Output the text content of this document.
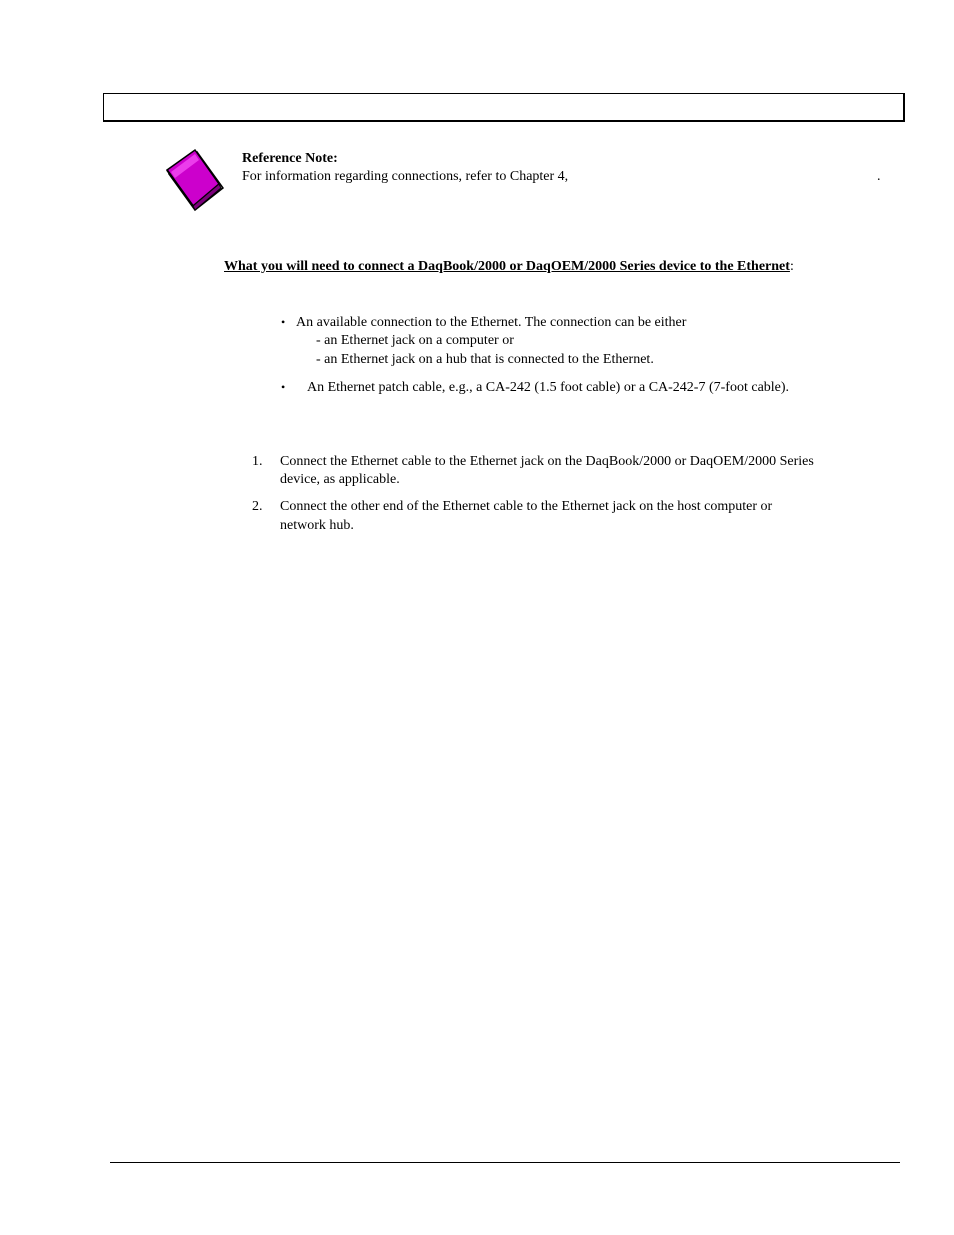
Reference Note:
For information regarding connections, refer to Chapter 4,	.
What you will need to connect a DaqBook/2000 or DaqOEM/2000 Series device to the Ethernet:
• An available connection to the Ethernet. The connection can be either
- an Ethernet jack on a computer or
- an Ethernet jack on a hub that is connected to the Ethernet.
• An Ethernet patch cable, e.g., a CA-242 (1.5 foot cable) or a CA-242-7 (7-foot cable).
1. Connect the Ethernet cable to the Ethernet jack on the DaqBook/2000 or DaqOEM/2000 Series
device, as applicable.
2. Connect the other end of the Ethernet cable to the Ethernet jack on the host computer or
network hub.
